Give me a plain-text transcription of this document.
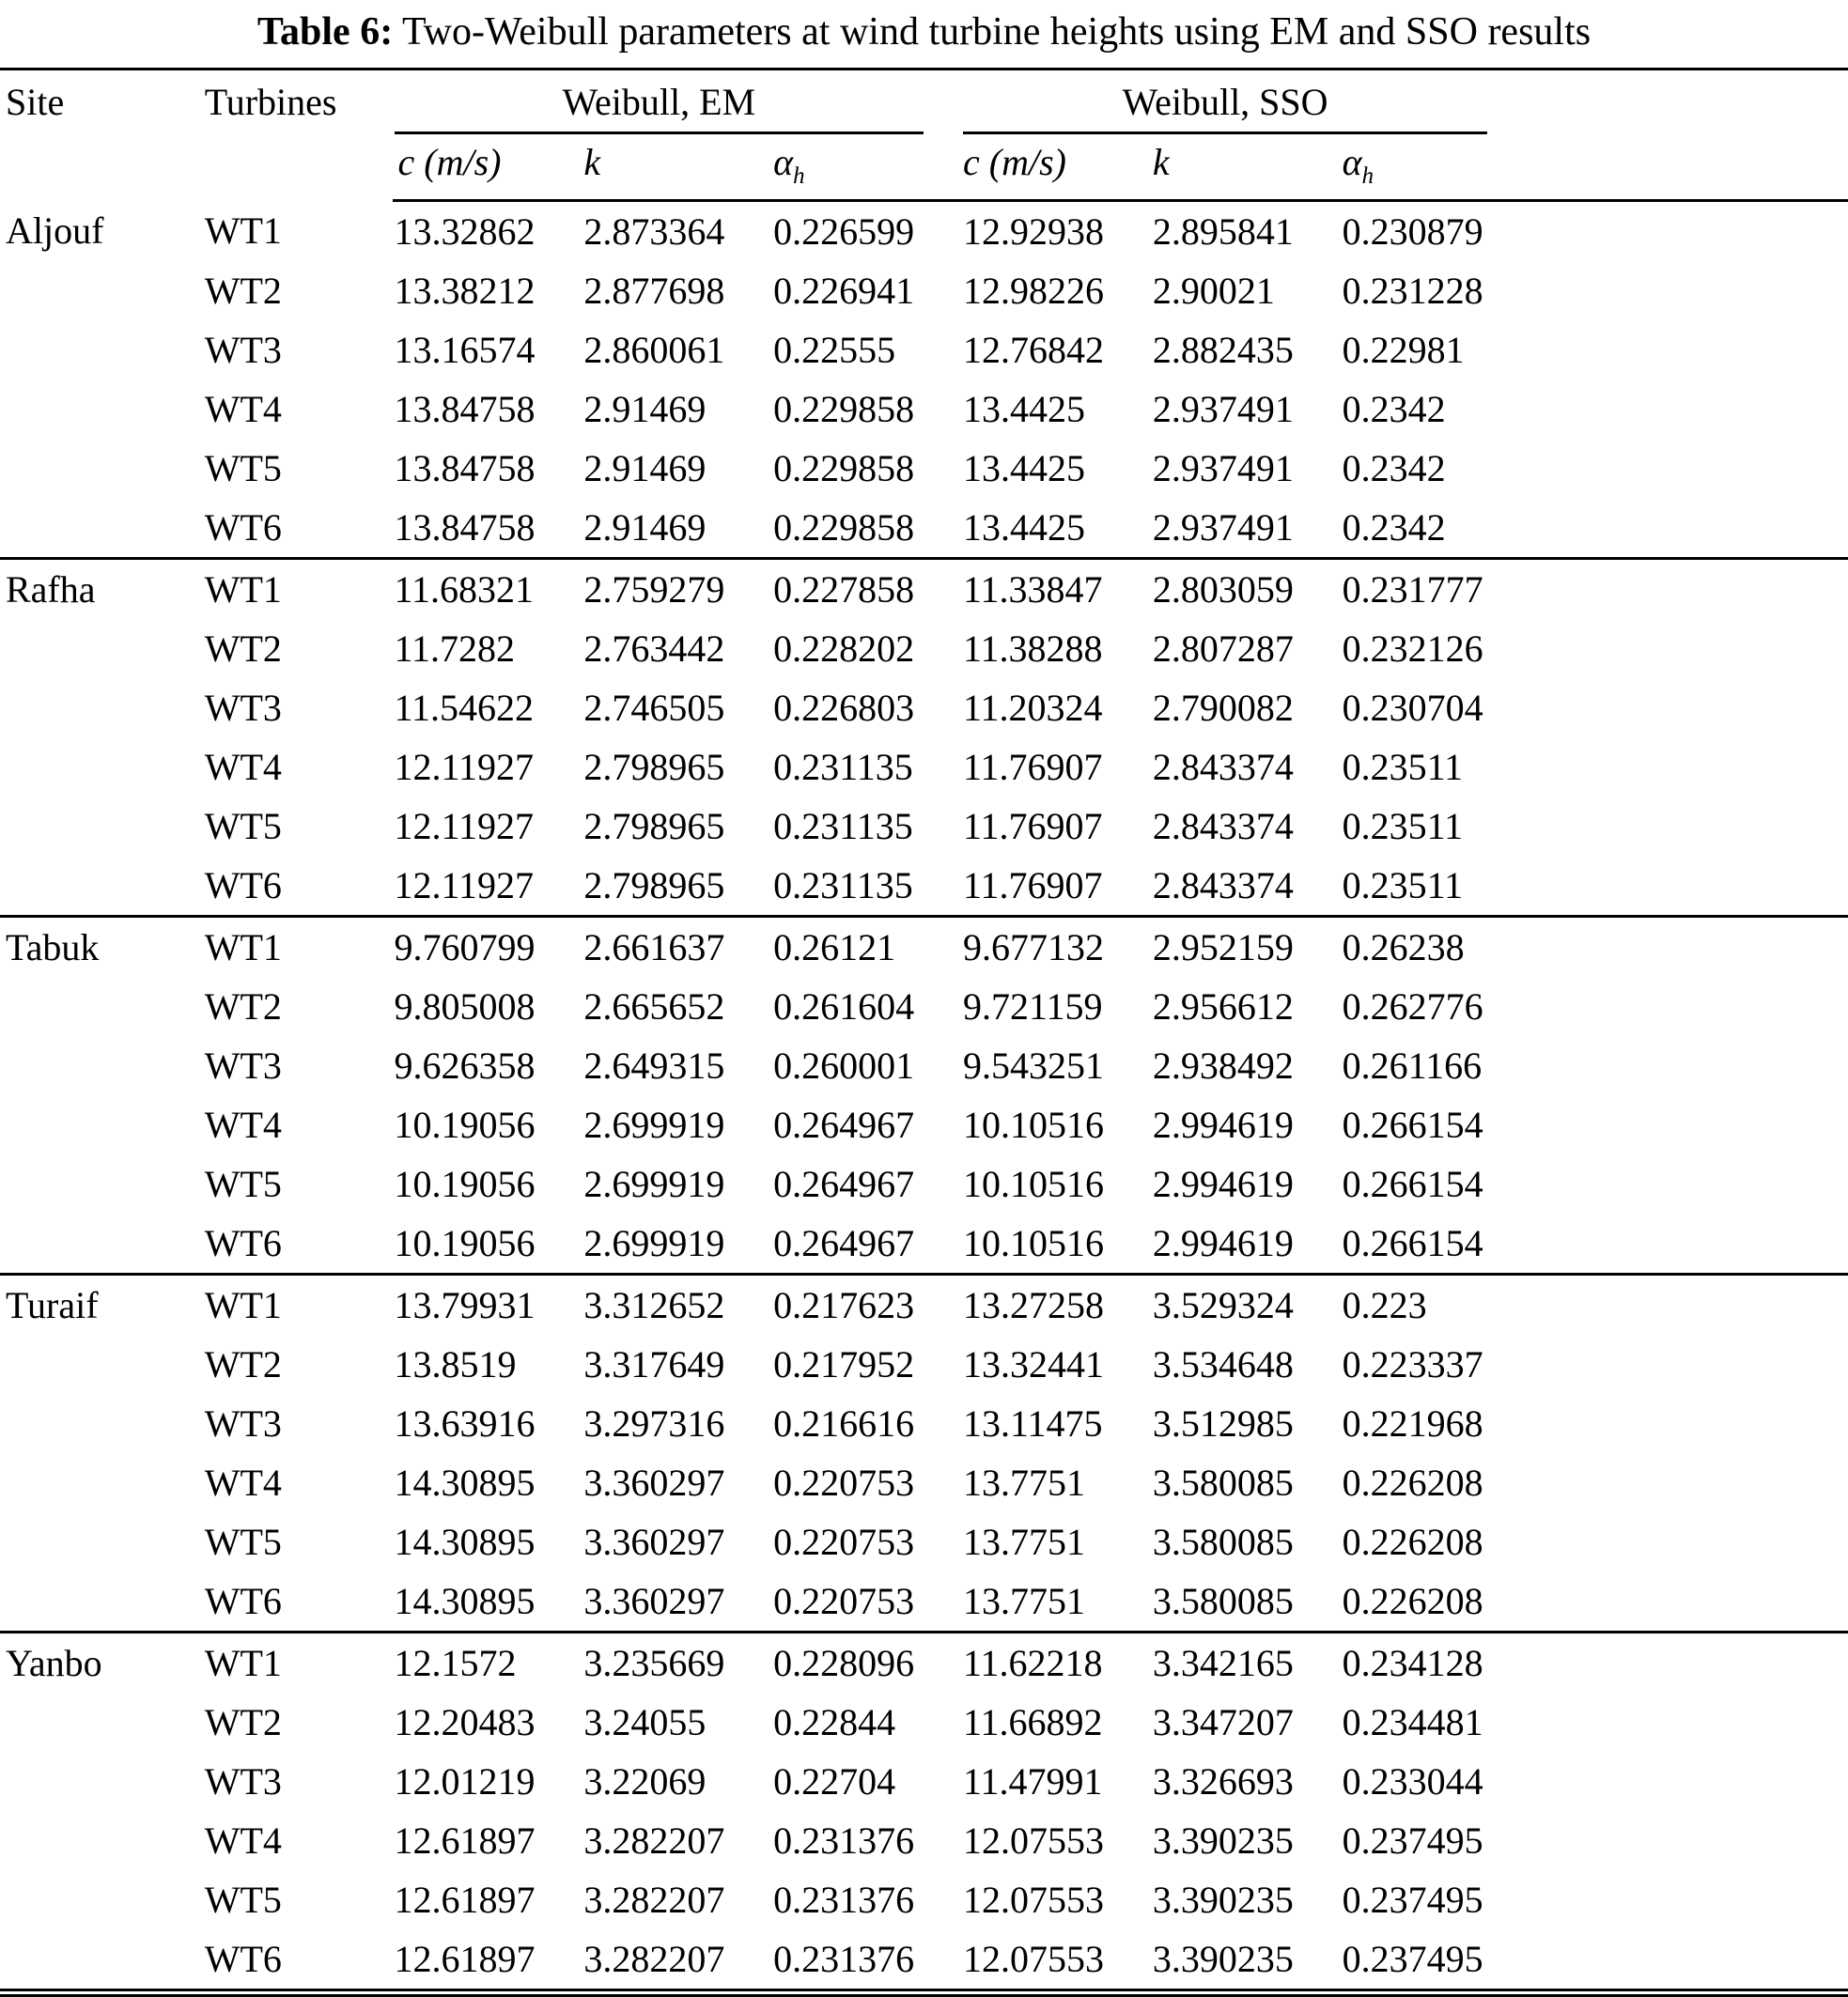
Table 6: Two-Weibull parameters at wind turbine heights using EM and SSO results
Site	Turbines	Weibull, EM			Weibull, SSO		

		c (m/s)	k	$\alpha_h$	c (m/s)	k	$\alpha_h$
Aljouf	WT1	13.32862	2.873364	0.226599	12.92938	2.895841	0.230879
	WT2	13.38212	2.877698	0.226941	12.98226	2.90021	0.231228
	WT3	13.16574	2.860061	0.22555	12.76842	2.882435	0.22981
	WT4	13.84758	2.91469	0.229858	13.4425	2.937491	0.2342
	WT5	13.84758	2.91469	0.229858	13.4425	2.937491	0.2342
	WT6	13.84758	2.91469	0.229858	13.4425	2.937491	0.2342
Rafha	WT1	11.68321	2.759279	0.227858	11.33847	2.803059	0.231777
	WT2	11.7282	2.763442	0.228202	11.38288	2.807287	0.232126
	WT3	11.54622	2.746505	0.226803	11.20324	2.790082	0.230704
	WT4	12.11927	2.798965	0.231135	11.76907	2.843374	0.23511
	WT5	12.11927	2.798965	0.231135	11.76907	2.843374	0.23511
	WT6	12.11927	2.798965	0.231135	11.76907	2.843374	0.23511
Tabuk	WT1	9.760799	2.661637	0.26121	9.677132	2.952159	0.26238
	WT2	9.805008	2.665652	0.261604	9.721159	2.956612	0.262776
	WT3	9.626358	2.649315	0.260001	9.543251	2.938492	0.261166
	WT4	10.19056	2.699919	0.264967	10.10516	2.994619	0.266154
	WT5	10.19056	2.699919	0.264967	10.10516	2.994619	0.266154
	WT6	10.19056	2.699919	0.264967	10.10516	2.994619	0.266154
Turaif	WT1	13.79931	3.312652	0.217623	13.27258	3.529324	0.223
	WT2	13.8519	3.317649	0.217952	13.32441	3.534648	0.223337
	WT3	13.63916	3.297316	0.216616	13.11475	3.512985	0.221968
	WT4	14.30895	3.360297	0.220753	13.7751	3.580085	0.226208
	WT5	14.30895	3.360297	0.220753	13.7751	3.580085	0.226208
	WT6	14.30895	3.360297	0.220753	13.7751	3.580085	0.226208
Yanbo	WT1	12.1572	3.235669	0.228096	11.62218	3.342165	0.234128
	WT2	12.20483	3.24055	0.22844	11.66892	3.347207	0.234481
	WT3	12.01219	3.22069	0.22704	11.47991	3.326693	0.233044
	WT4	12.61897	3.282207	0.231376	12.07553	3.390235	0.237495
	WT5	12.61897	3.282207	0.231376	12.07553	3.390235	0.237495
	WT6	12.61897	3.282207	0.231376	12.07553	3.390235	0.237495
